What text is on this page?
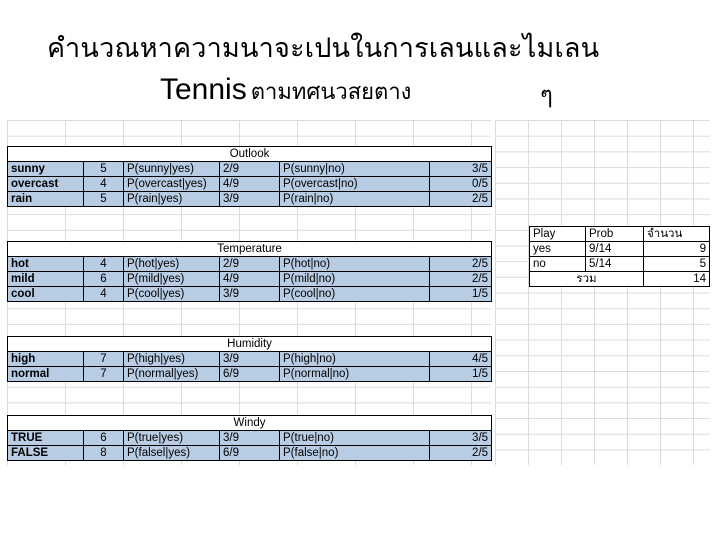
คำนวณหาความนาจะเปนในการเลนและไมเลน
Tennis ตามทศนวสยตาง	ๆ
Outlook					
sunny	5	P(sunny|yes)	2/9	P(sunny|no)	3/5
overcast	4	P(overcast|yes)	4/9	P(overcast|no)	0/5
rain	5	P(rain|yes)	3/9	P(rain|no)	2/5
Temperature					
hot	4	P(hot|yes)	2/9	P(hot|no)	2/5
mild	6	P(mild|yes)	4/9	P(mild|no)	2/5
cool	4	P(cool|yes)	3/9	P(cool|no)	1/5
Humidity					
high	7	P(high|yes)	3/9	P(high|no)	4/5
normal	7	P(normal|yes)	6/9	P(normal|no)	1/5
Windy					
TRUE	6	P(true|yes)	3/9	P(true|no)	3/5
FALSE	8	P(falsel|yes)	6/9	P(false|no)	2/5
Play	Prob	จำนวน
yes	9/14	9
no	5/14	5
รวม		14
